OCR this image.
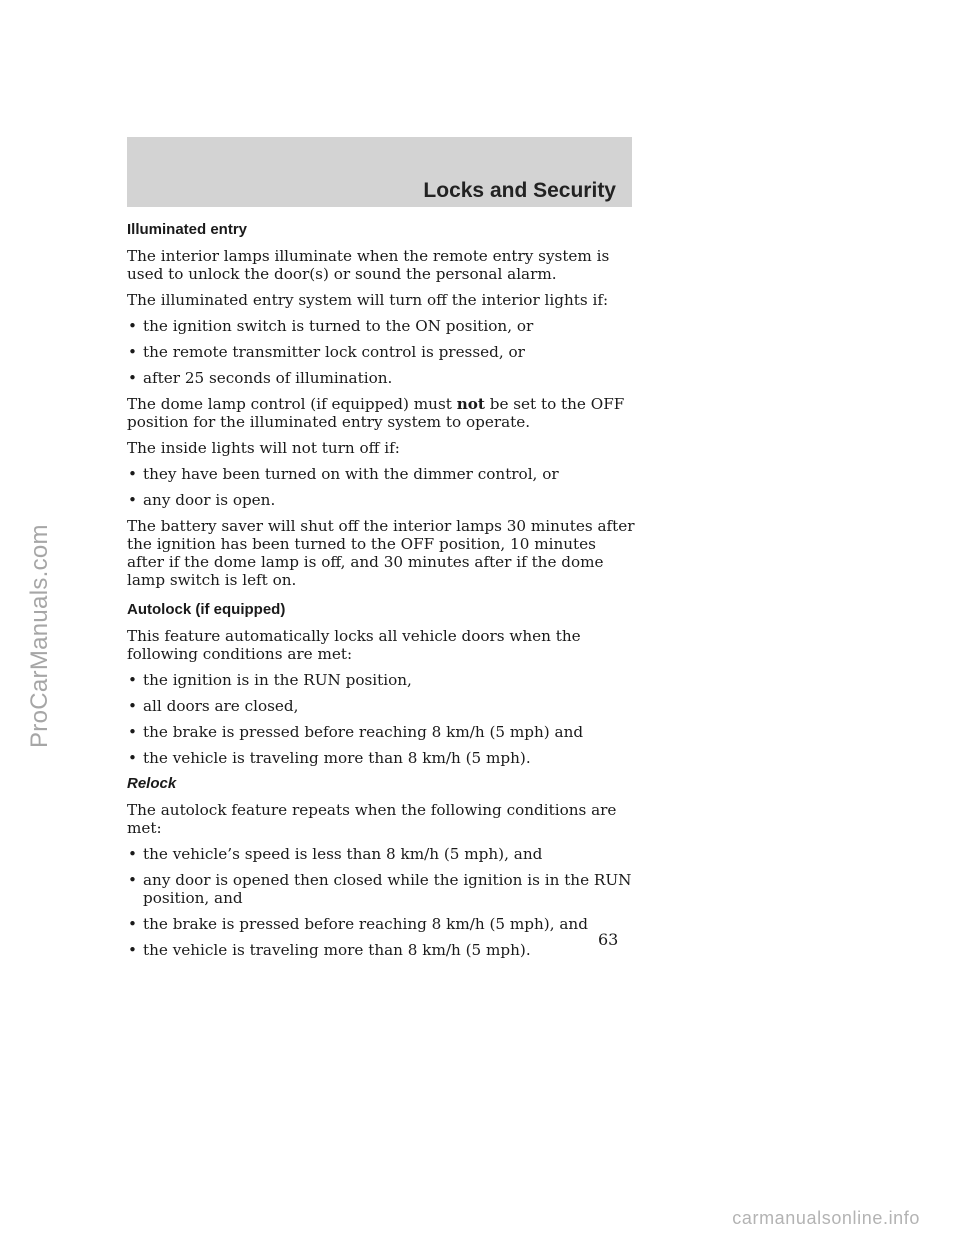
Locks and Security
Illuminated entry

The interior lamps illuminate when the remote entry system is used to unlock the door(s) or sound the personal alarm.

The illuminated entry system will turn off the interior lights if:

• the ignition switch is turned to the ON position, or
• the remote transmitter lock control is pressed, or
• after 25 seconds of illumination.

The dome lamp control (if equipped) must not be set to the OFF position for the illuminated entry system to operate.

The inside lights will not turn off if:

• they have been turned on with the dimmer control, or
• any door is open.

The battery saver will shut off the interior lamps 30 minutes after the ignition has been turned to the OFF position, 10 minutes after if the dome lamp is off, and 30 minutes after if the dome lamp switch is left on.

Autolock (if equipped)

This feature automatically locks all vehicle doors when the following conditions are met:

• the ignition is in the RUN position,
• all doors are closed,
• the brake is pressed before reaching 8 km/h (5 mph) and
• the vehicle is traveling more than 8 km/h (5 mph).
Relock

The autolock feature repeats when the following conditions are met:

• the vehicle’s speed is less than 8 km/h (5 mph), and
• any door is opened then closed while the ignition is in the RUN position, and
• the brake is pressed before reaching 8 km/h (5 mph), and
• the vehicle is traveling more than 8 km/h (5 mph).
63
ProCarManuals.com
carmanualsonline.info
